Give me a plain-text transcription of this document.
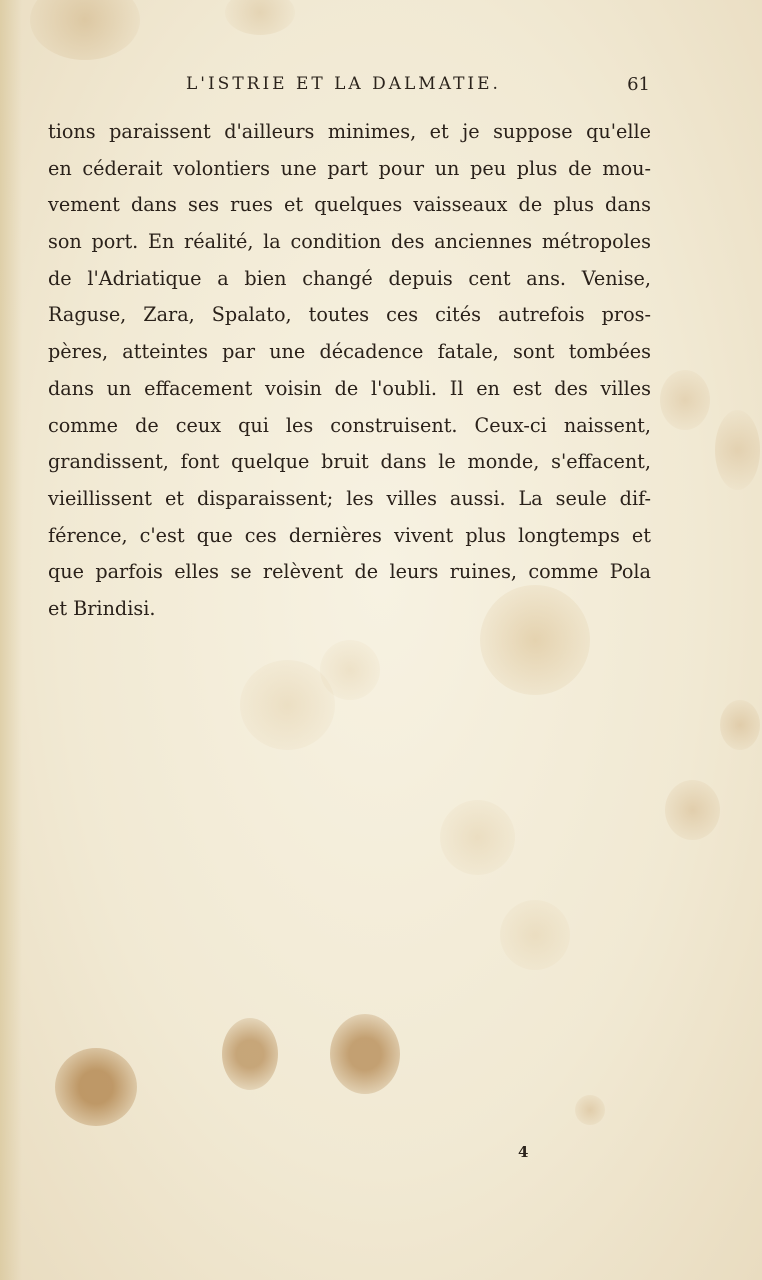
L'ISTRIE ET LA DALMATIE.	61
tions paraissent d'ailleurs minimes, et je suppose qu'elle
en céderait volontiers une part pour un peu plus de mou-
vement dans ses rues et quelques vaisseaux de plus dans
son port. En réalité, la condition des anciennes métropoles
de l'Adriatique a bien changé depuis cent ans. Venise,
Raguse, Zara, Spalato, toutes ces cités autrefois pros-
pères, atteintes par une décadence fatale, sont tombées
dans un effacement voisin de l'oubli. Il en est des villes
comme de ceux qui les construisent. Ceux-ci naissent,
grandissent, font quelque bruit dans le monde, s'effacent,
vieillissent et disparaissent; les villes aussi. La seule dif-
férence, c'est que ces dernières vivent plus longtemps et
que parfois elles se relèvent de leurs ruines, comme Pola
et Brindisi.
4
